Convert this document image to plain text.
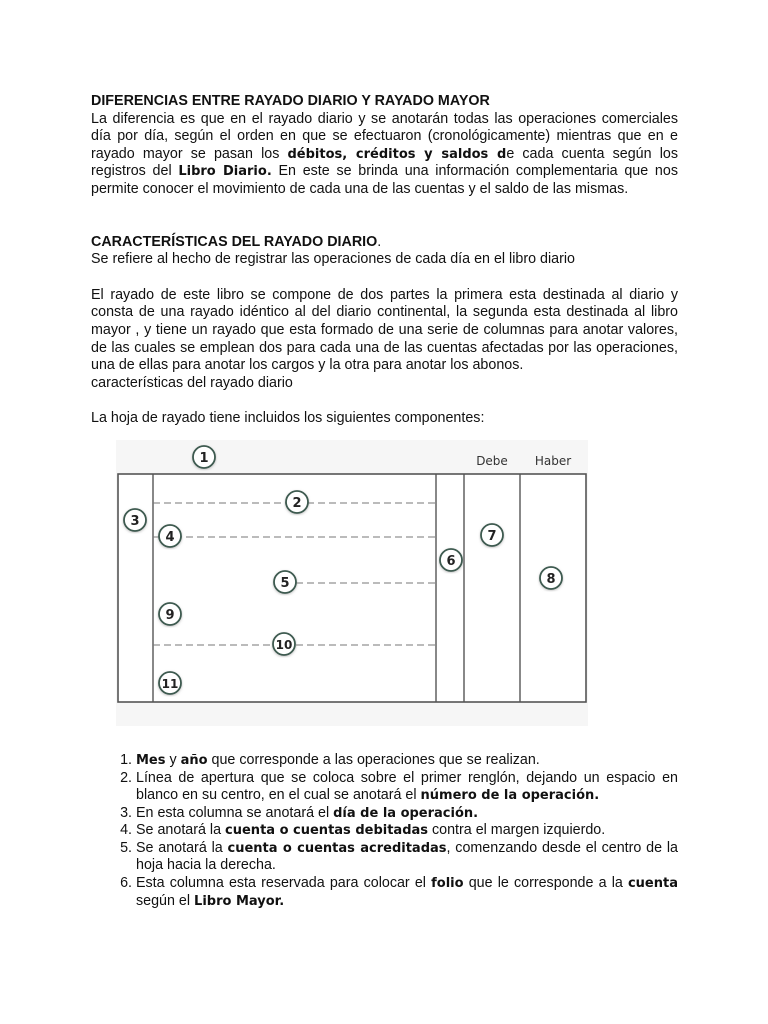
DIFERENCIAS ENTRE RAYADO DIARIO Y RAYADO MAYOR

La diferencia es que en el rayado diario y se anotarán todas las operaciones comerciales día por día, según el orden en que se efectuaron (cronológicamente) mientras que en e rayado mayor se pasan los débitos, créditos y saldos de cada cuenta según los registros del Libro Diario. En este se brinda una información complementaria que nos permite conocer el movimiento de cada una de las cuentas y el saldo de las mismas.

CARACTERÍSTICAS DEL RAYADO DIARIO.

Se refiere al hecho de registrar las operaciones de cada día en el libro diario

El rayado de este libro se compone de dos partes la primera esta destinada al diario y consta de una rayado idéntico al del diario continental, la segunda esta destinada al libro mayor , y tiene un rayado que esta formado de una serie de columnas para anotar valores, de las cuales se emplean dos para cada una de las cuentas afectadas por las operaciones, una de ellas para anotar los cargos y la otra para anotar los abonos.

características del rayado diario

La hoja de rayado tiene incluidos los siguientes componentes:

Debe Haber
1
2
3
4
5
6
7
8
9
10
11
1. Mes y año que corresponde a las operaciones que se realizan.
2. Línea de apertura que se coloca sobre el primer renglón, dejando un espacio en blanco en su centro, en el cual se anotará el número de la operación.
3. En esta columna se anotará el día de la operación.
4. Se anotará la cuenta o cuentas debitadas contra el margen izquierdo.
5. Se anotará la cuenta o cuentas acreditadas, comenzando desde el centro de la hoja hacia la derecha.
6. Esta columna esta reservada para colocar el folio que le corresponde a la cuenta según el Libro Mayor.
